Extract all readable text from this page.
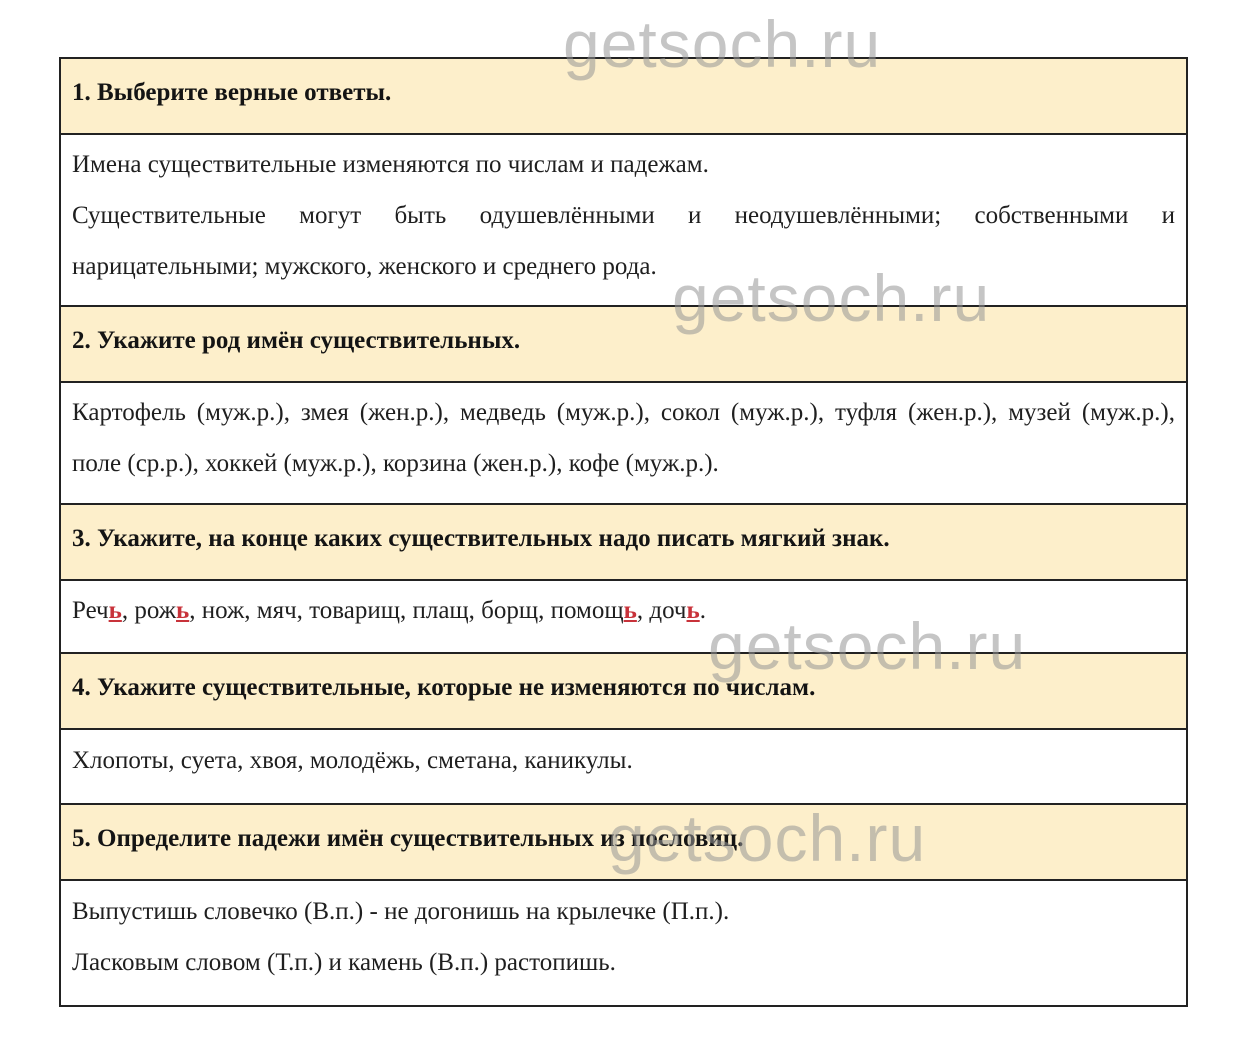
1. Выберите верные ответы.

Имена существительные изменяются по числам и падежам.

Существительные могут быть одушевлёнными и неодушевлёнными; собственными и нарицательными; мужского, женского и среднего рода.

2. Укажите род имён существительных.

Картофель (муж.р.), змея (жен.р.), медведь (муж.р.), сокол (муж.р.), туфля (жен.р.), музей (муж.р.), поле (ср.р.), хоккей (муж.р.), корзина (жен.р.), кофе (муж.р.).

3. Укажите, на конце каких существительных надо писать мягкий знак.

Речь, рожь, нож, мяч, товарищ, плащ, борщ, помощь, дочь.

4. Укажите существительные, которые не изменяются по числам.

Хлопоты, суета, хвоя, молодёжь, сметана, каникулы.

5. Определите падежи имён существительных из пословиц.

Выпустишь словечко (В.п.) - не догонишь на крылечке (П.п.).

Ласковым словом (Т.п.) и камень (В.п.) растопишь.

getsoch.ru
getsoch.ru
getsoch.ru
getsoch.ru
